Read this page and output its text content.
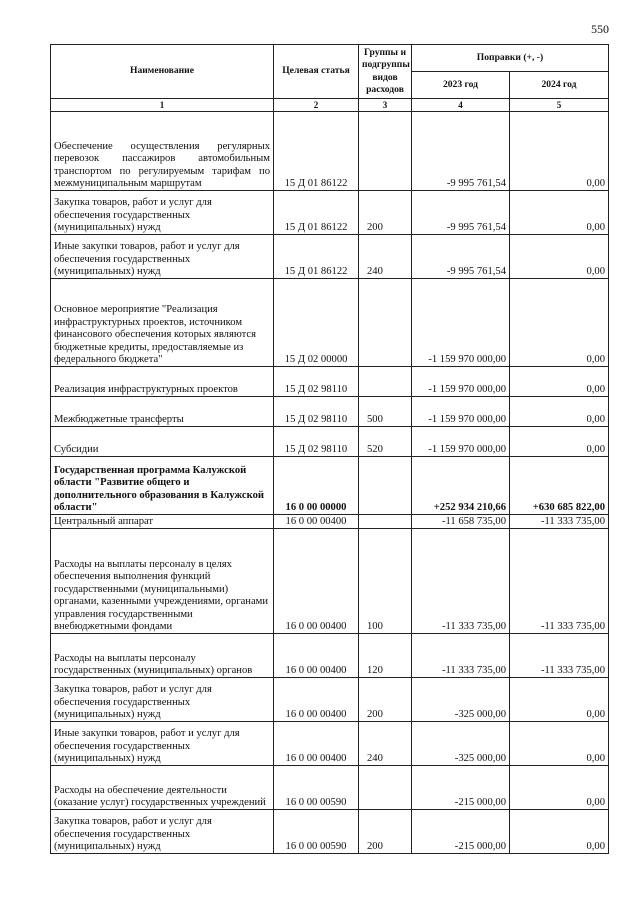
550
Наименование	Целевая статья	Группы и подгруппы видов расходов	Поправки (+, -)	
			2023 год	2024 год
1	2	3	4	5
Обеспечение осуществления регулярных перевозок пассажиров автомобильным транспортом по регулируемым тарифам по межмуниципальным маршрутам	15 Д 01 86122		-9 995 761,54	0,00
Закупка товаров, работ и услуг для обеспечения государственных (муниципальных) нужд	15 Д 01 86122	200	-9 995 761,54	0,00
Иные закупки товаров, работ и услуг для обеспечения государственных (муниципальных) нужд	15 Д 01 86122	240	-9 995 761,54	0,00
Основное мероприятие "Реализация инфраструктурных проектов, источником финансового обеспечения которых являются бюджетные кредиты, предоставляемые из федерального бюджета"	15 Д 02 00000		-1 159 970 000,00	0,00
Реализация инфраструктурных проектов	15 Д 02 98110		-1 159 970 000,00	0,00
Межбюджетные трансферты	15 Д 02 98110	500	-1 159 970 000,00	0,00
Субсидии	15 Д 02 98110	520	-1 159 970 000,00	0,00
Государственная программа Калужской области "Развитие общего и дополнительного образования в Калужской области"	16 0 00 00000		+252 934 210,66	+630 685 822,00
Центральный аппарат	16 0 00 00400		-11 658 735,00	-11 333 735,00
Расходы на выплаты персоналу в целях обеспечения выполнения функций государственными (муниципальными) органами, казенными учреждениями, органами управления государственными внебюджетными фондами	16 0 00 00400	100	-11 333 735,00	-11 333 735,00
Расходы на выплаты персоналу государственных (муниципальных) органов	16 0 00 00400	120	-11 333 735,00	-11 333 735,00
Закупка товаров, работ и услуг для обеспечения государственных (муниципальных) нужд	16 0 00 00400	200	-325 000,00	0,00
Иные закупки товаров, работ и услуг для обеспечения государственных (муниципальных) нужд	16 0 00 00400	240	-325 000,00	0,00
Расходы на обеспечение деятельности (оказание услуг) государственных учреждений	16 0 00 00590		-215 000,00	0,00
Закупка товаров, работ и услуг для обеспечения государственных (муниципальных) нужд	16 0 00 00590	200	-215 000,00	0,00
